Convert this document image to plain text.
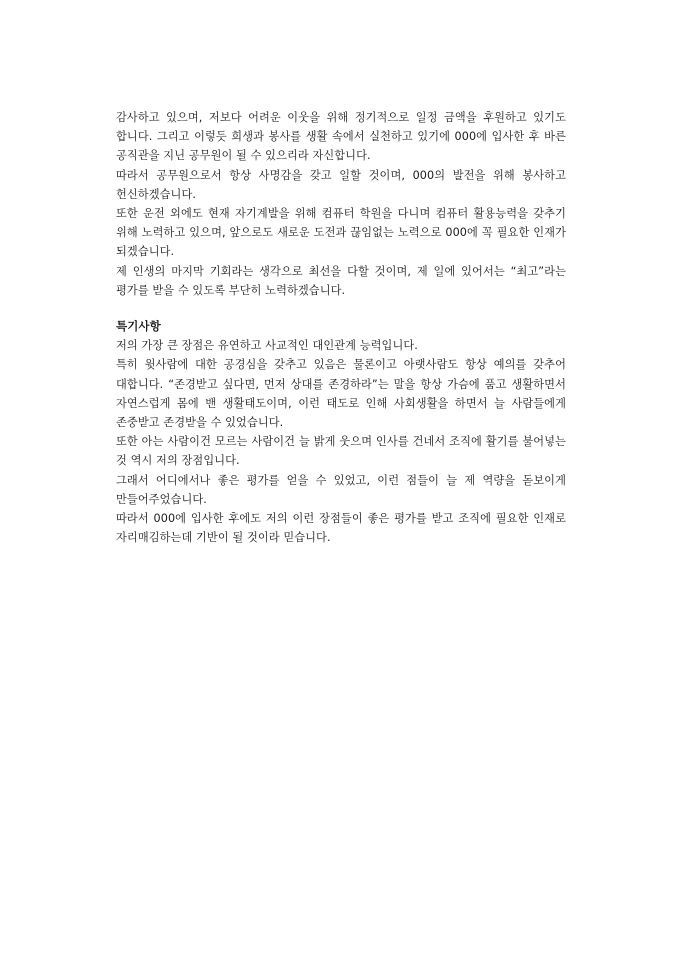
감사하고 있으며, 저보다 어려운 이웃을 위해 정기적으로 일정 금액을 후원하고 있기도 합니다. 그리고 이렇듯 희생과 봉사를 생활 속에서 실천하고 있기에 000에 입사한 후 바른 공직관을 지닌 공무원이 될 수 있으리라 자신합니다.

따라서 공무원으로서 항상 사명감을 갖고 일할 것이며, 000의 발전을 위해 봉사하고 헌신하겠습니다.

또한 운전 외에도 현재 자기계발을 위해 컴퓨터 학원을 다니며 컴퓨터 활용능력을 갖추기 위해 노력하고 있으며, 앞으로도 새로운 도전과 끊임없는 노력으로 000에 꼭 필요한 인재가 되겠습니다.

제 인생의 마지막 기회라는 생각으로 최선을 다할 것이며, 제 일에 있어서는 “최고”라는 평가를 받을 수 있도록 부단히 노력하겠습니다.

특기사항

저의 가장 큰 장점은 유연하고 사교적인 대인관계 능력입니다.

특히 윗사람에 대한 공경심을 갖추고 있음은 물론이고 아랫사람도 항상 예의를 갖추어 대합니다. “존경받고 싶다면, 먼저 상대를 존경하라”는 말을 항상 가슴에 품고 생활하면서 자연스럽게 몸에 밴 생활태도이며, 이런 태도로 인해 사회생활을 하면서 늘 사람들에게 존중받고 존경받을 수 있었습니다.

또한 아는 사람이건 모르는 사람이건 늘 밝게 웃으며 인사를 건네서 조직에 활기를 불어넣는 것 역시 저의 장점입니다.

그래서 어디에서나 좋은 평가를 얻을 수 있었고, 이런 점들이 늘 제 역량을 돋보이게 만들어주었습니다.

따라서 000에 입사한 후에도 저의 이런 장점들이 좋은 평가를 받고 조직에 필요한 인재로 자리매김하는데 기반이 될 것이라 믿습니다.
